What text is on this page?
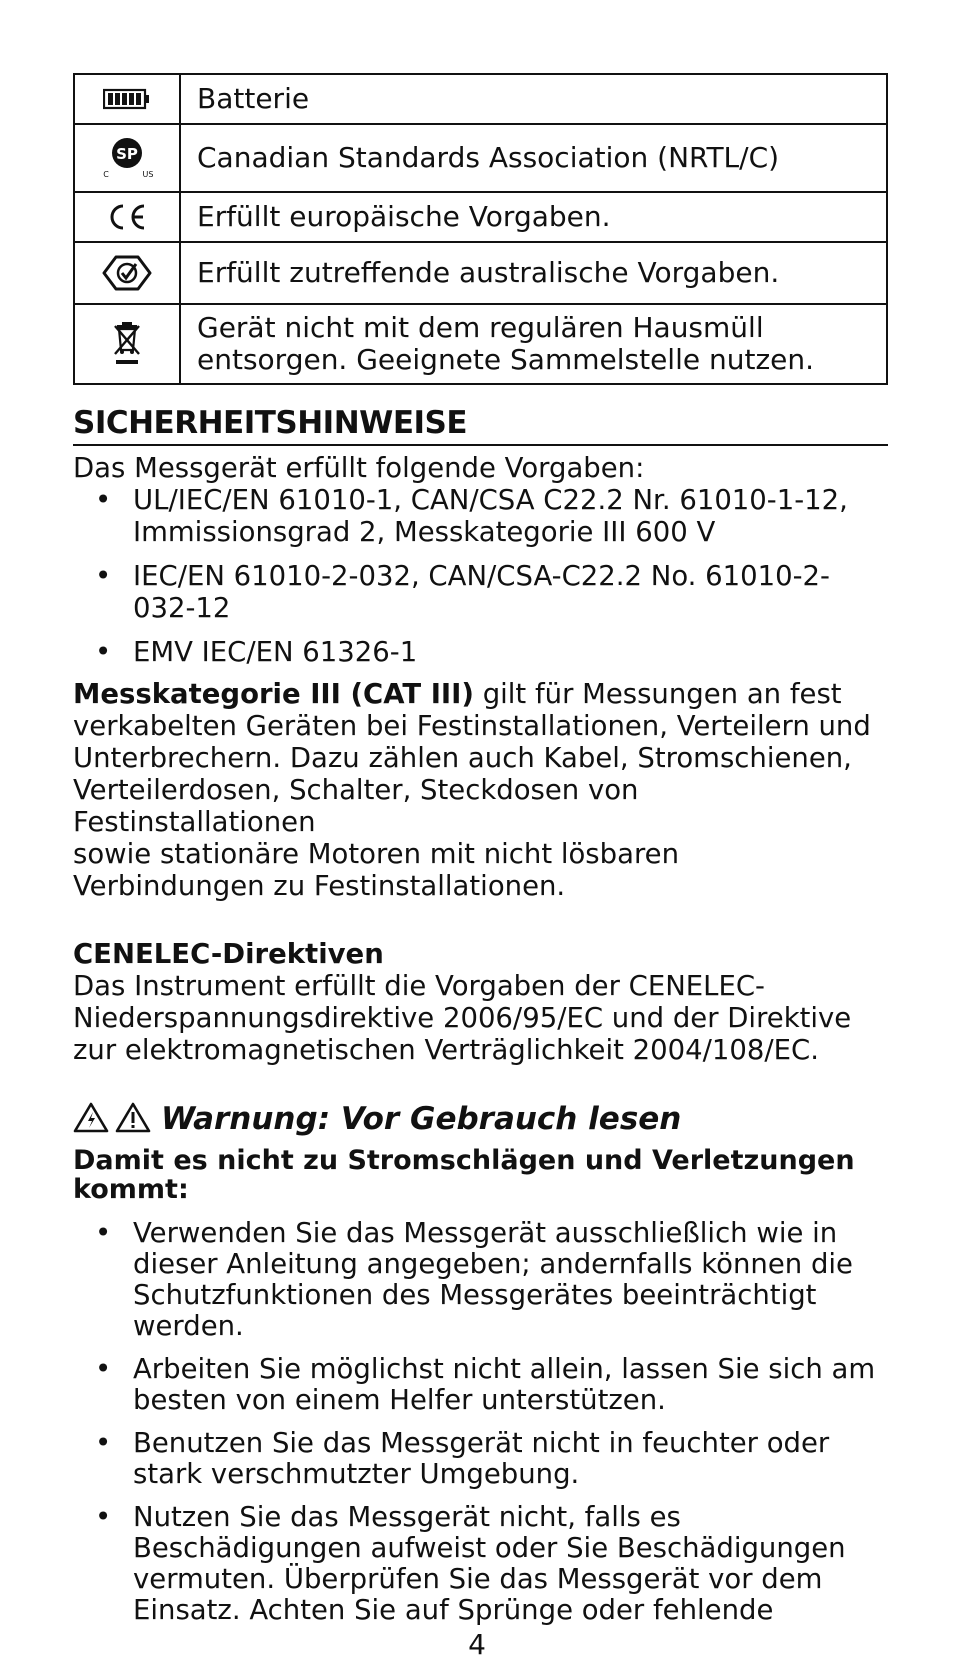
	Batterie

SP
C US	Canadian Standards Association (NRTL/C)

	Erfüllt europäische Vorgaben.

	Erfüllt zutreffende australische Vorgaben.

	Gerät nicht mit dem regulären Hausmüll
entsorgen. Geeignete Sammelstelle nutzen.
SICHERHEITSHINWEISE

Das Messgerät erfüllt folgende Vorgaben:

• UL/IEC/EN 61010-1, CAN/CSA C22.2 Nr. 61010-1-12,
Immissionsgrad 2, Messkategorie III 600 V
• IEC/EN 61010-2-032, CAN/CSA-C22.2 No. 61010-2-032-12
• EMV IEC/EN 61326-1

Messkategorie III (CAT III) gilt für Messungen an fest
verkabelten Geräten bei Festinstallationen, Verteilern und
Unterbrechern. Dazu zählen auch Kabel, Stromschienen,
Verteilerdosen, Schalter, Steckdosen von Festinstallationen
sowie stationäre Motoren mit nicht lösbaren
Verbindungen zu Festinstallationen.

CENELEC-Direktiven

Das Instrument erfüllt die Vorgaben der CENELEC-
Niederspannungsdirektive 2006/95/EC und der Direktive
zur elektromagnetischen Verträglichkeit 2004/108/EC.

Warnung: Vor Gebrauch lesen
Damit es nicht zu Stromschlägen und Verletzungen
kommt:
• Verwenden Sie das Messgerät ausschließlich wie in
dieser Anleitung angegeben; andernfalls können die
Schutzfunktionen des Messgerätes beeinträchtigt
werden.
• Arbeiten Sie möglichst nicht allein, lassen Sie sich am
besten von einem Helfer unterstützen.
• Benutzen Sie das Messgerät nicht in feuchter oder
stark verschmutzter Umgebung.
• Nutzen Sie das Messgerät nicht, falls es
Beschädigungen aufweist oder Sie Beschädigungen
vermuten. Überprüfen Sie das Messgerät vor dem
Einsatz. Achten Sie auf Sprünge oder fehlende
4
